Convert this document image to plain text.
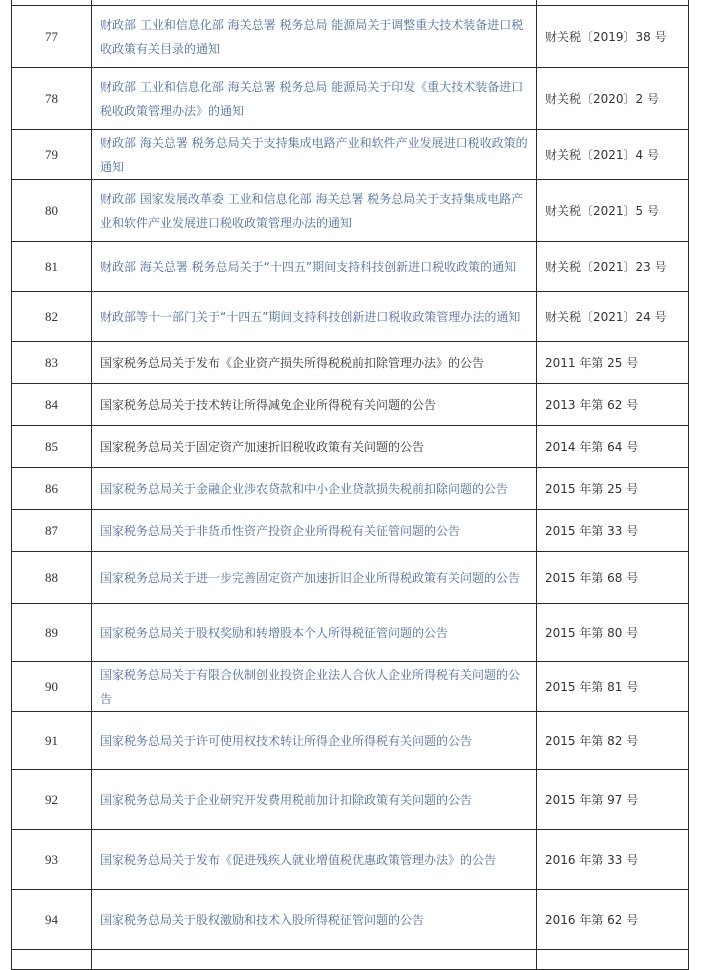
77	财政部 工业和信息化部 海关总署 税务总局 能源局关于调整重大技术装备进口税收政策有关目录的通知	财关税〔2019〕38 号
78	财政部 工业和信息化部 海关总署 税务总局 能源局关于印发《重大技术装备进口税收政策管理办法》的通知	财关税〔2020〕2 号
79	财政部 海关总署 税务总局关于支持集成电路产业和软件产业发展进口税收政策的通知	财关税〔2021〕4 号
80	财政部 国家发展改革委 工业和信息化部 海关总署 税务总局关于支持集成电路产业和软件产业发展进口税收政策管理办法的通知	财关税〔2021〕5 号
81	财政部 海关总署 税务总局关于“十四五”期间支持科技创新进口税收政策的通知	财关税〔2021〕23 号
82	财政部等十一部门关于“十四五”期间支持科技创新进口税收政策管理办法的通知	财关税〔2021〕24 号
83	国家税务总局关于发布《企业资产损失所得税税前扣除管理办法》的公告	2011 年第 25 号
84	国家税务总局关于技术转让所得减免企业所得税有关问题的公告	2013 年第 62 号
85	国家税务总局关于固定资产加速折旧税收政策有关问题的公告	2014 年第 64 号
86	国家税务总局关于金融企业涉农贷款和中小企业贷款损失税前扣除问题的公告	2015 年第 25 号
87	国家税务总局关于非货币性资产投资企业所得税有关征管问题的公告	2015 年第 33 号
88	国家税务总局关于进一步完善固定资产加速折旧企业所得税政策有关问题的公告	2015 年第 68 号
89	国家税务总局关于股权奖励和转增股本个人所得税征管问题的公告	2015 年第 80 号
90	国家税务总局关于有限合伙制创业投资企业法人合伙人企业所得税有关问题的公告	2015 年第 81 号
91	国家税务总局关于许可使用权技术转让所得企业所得税有关问题的公告	2015 年第 82 号
92	国家税务总局关于企业研究开发费用税前加计扣除政策有关问题的公告	2015 年第 97 号
93	国家税务总局关于发布《促进残疾人就业增值税优惠政策管理办法》的公告	2016 年第 33 号
94	国家税务总局关于股权激励和技术入股所得税征管问题的公告	2016 年第 62 号
